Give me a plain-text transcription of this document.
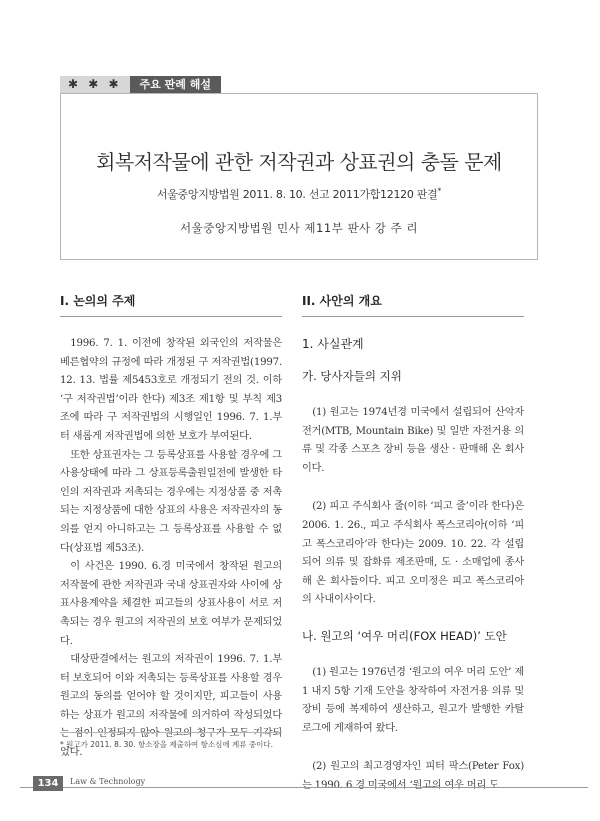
✱ ✱ ✱	주요 판례 해설
회복저작물에 관한 저작권과 상표권의 충돌 문제
서울중앙지방법원 2011. 8. 10. 선고 2011가합12120 판결*
서울중앙지방법원 민사 제11부 판사 강 주 리
I. 논의의 주제

1996. 7. 1. 이전에 창작된 외국인의 저작물은 베른협약의 규정에 따라 개정된 구 저작권법(1997. 12. 13. 법률 제5453호로 개정되기 전의 것. 이하 ‘구 저작권법’이라 한다) 제3조 제1항 및 부칙 제3조에 따라 구 저작권법의 시행일인 1996. 7. 1.부터 새롭게 저작권법에 의한 보호가 부여된다.

또한 상표권자는 그 등록상표를 사용할 경우에 그 사용상태에 따라 그 상표등록출원일전에 발생한 타인의 저작권과 저촉되는 경우에는 지정상품 중 저촉되는 지정상품에 대한 상표의 사용은 저작권자의 동의를 얻지 아니하고는 그 등록상표를 사용할 수 없다(상표법 제53조).

이 사건은 1990. 6.경 미국에서 창작된 원고의 저작물에 관한 저작권과 국내 상표권자와 사이에 상표사용계약을 체결한 피고들의 상표사용이 서로 저촉되는 경우 원고의 저작권의 보호 여부가 문제되었다.

대상판결에서는 원고의 저작권이 1996. 7. 1.부터 보호되어 이와 저촉되는 등록상표를 사용할 경우 원고의 동의를 얻어야 할 것이지만, 피고들이 사용하는 상표가 원고의 저작물에 의거하여 작성되었다는 점이 인정되지 않아 원고의 청구가 모두 기각되었다.

* 원고가 2011. 8. 30. 항소장을 제출하여 항소심에 계류 중이다.
II. 사안의 개요
1. 사실관계
가. 당사자들의 지위

(1) 원고는 1974년경 미국에서 설립되어 산악자전거(MTB, Mountain Bike) 및 일반 자전거용 의류 및 각종 스포츠 장비 등을 생산 · 판매해 온 회사이다.

(2) 피고 주식회사 줄(이하 ‘피고 줄’이라 한다)은 2006. 1. 26., 피고 주식회사 폭스코리아(이하 ‘피고 폭스코리아’라 한다)는 2009. 10. 22. 각 설립되어 의류 및 잡화류 제조판매, 도 · 소매업에 종사해 온 회사들이다. 피고 오미정은 피고 폭스코리아의 사내이사이다.

나. 원고의 ‘여우 머리(FOX HEAD)’ 도안

(1) 원고는 1976년경 ‘원고의 여우 머리 도안’ 제1 내지 5항 기재 도안을 창작하여 자전거용 의류 및 장비 등에 복제하여 생산하고, 원고가 발행한 카탈로그에 게재하여 왔다.

(2) 원고의 최고경영자인 피터 팍스(Peter Fox)는 1990. 6.경 미국에서 ‘원고의 여우 머리 도

134	Law & Technology
